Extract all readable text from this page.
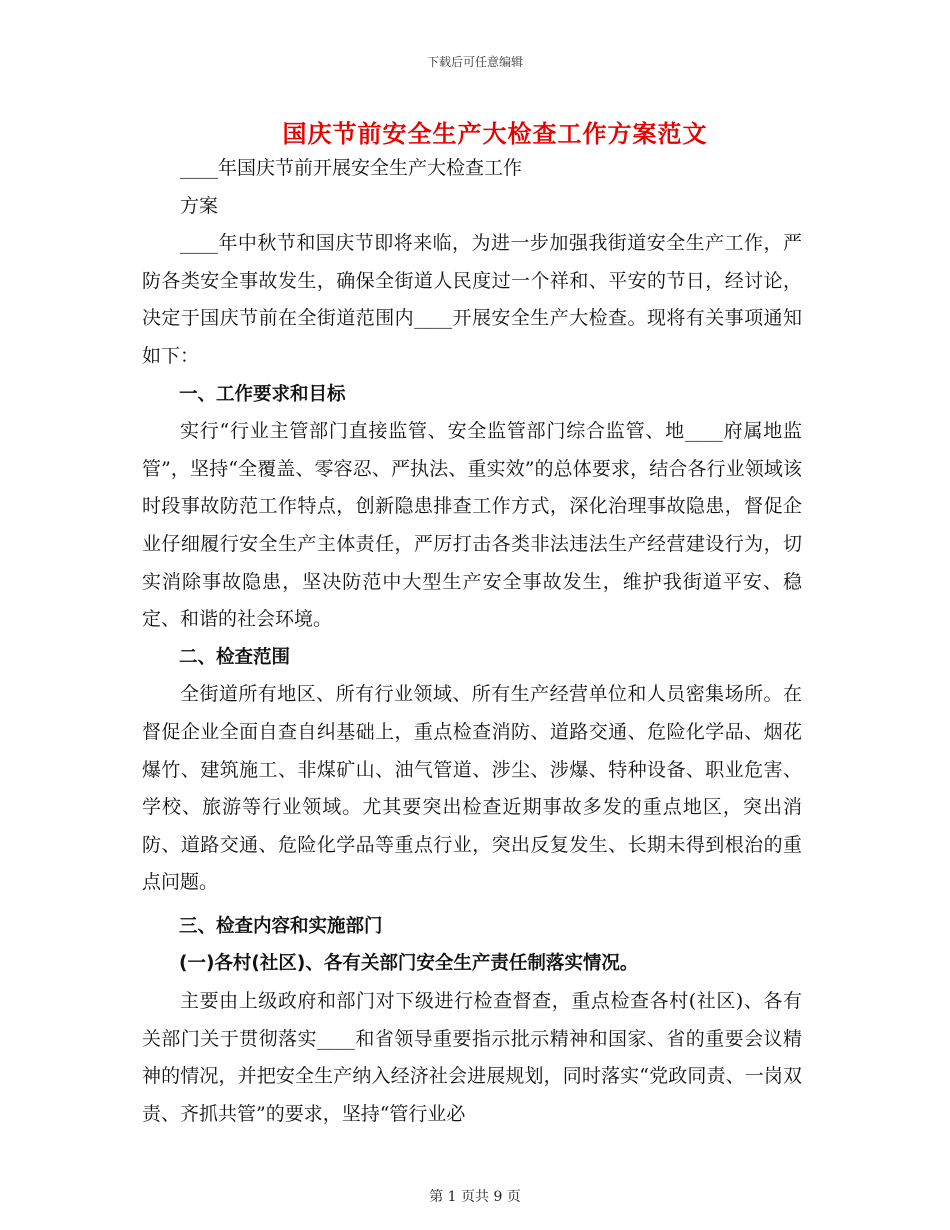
下载后可任意编辑
国庆节前安全生产大检查工作方案范文

____年国庆节前开展安全生产大检查工作

方案

____年中秋节和国庆节即将来临，为进一步加强我街道安全生产工作，严防各类安全事故发生，确保全街道人民度过一个祥和、平安的节日，经讨论，决定于国庆节前在全街道范围内____开展安全生产大检查。现将有关事项通知如下：

一、工作要求和目标

实行“行业主管部门直接监管、安全监管部门综合监管、地____府属地监管”，坚持“全覆盖、零容忍、严执法、重实效”的总体要求，结合各行业领域该时段事故防范工作特点，创新隐患排查工作方式，深化治理事故隐患，督促企业仔细履行安全生产主体责任，严厉打击各类非法违法生产经营建设行为，切实消除事故隐患，坚决防范中大型生产安全事故发生，维护我街道平安、稳定、和谐的社会环境。

二、检查范围

全街道所有地区、所有行业领域、所有生产经营单位和人员密集场所。在督促企业全面自查自纠基础上，重点检查消防、道路交通、危险化学品、烟花爆竹、建筑施工、非煤矿山、油气管道、涉尘、涉爆、特种设备、职业危害、学校、旅游等行业领域。尤其要突出检查近期事故多发的重点地区，突出消防、道路交通、危险化学品等重点行业，突出反复发生、长期未得到根治的重点问题。

三、检查内容和实施部门

(一)各村(社区)、各有关部门安全生产责任制落实情况。

主要由上级政府和部门对下级进行检查督查，重点检查各村(社区)、各有关部门关于贯彻落实____和省领导重要指示批示精神和国家、省的重要会议精神的情况，并把安全生产纳入经济社会进展规划，同时落实“党政同责、一岗双责、齐抓共管”的要求，坚持“管行业必

第 1 页共 9 页
